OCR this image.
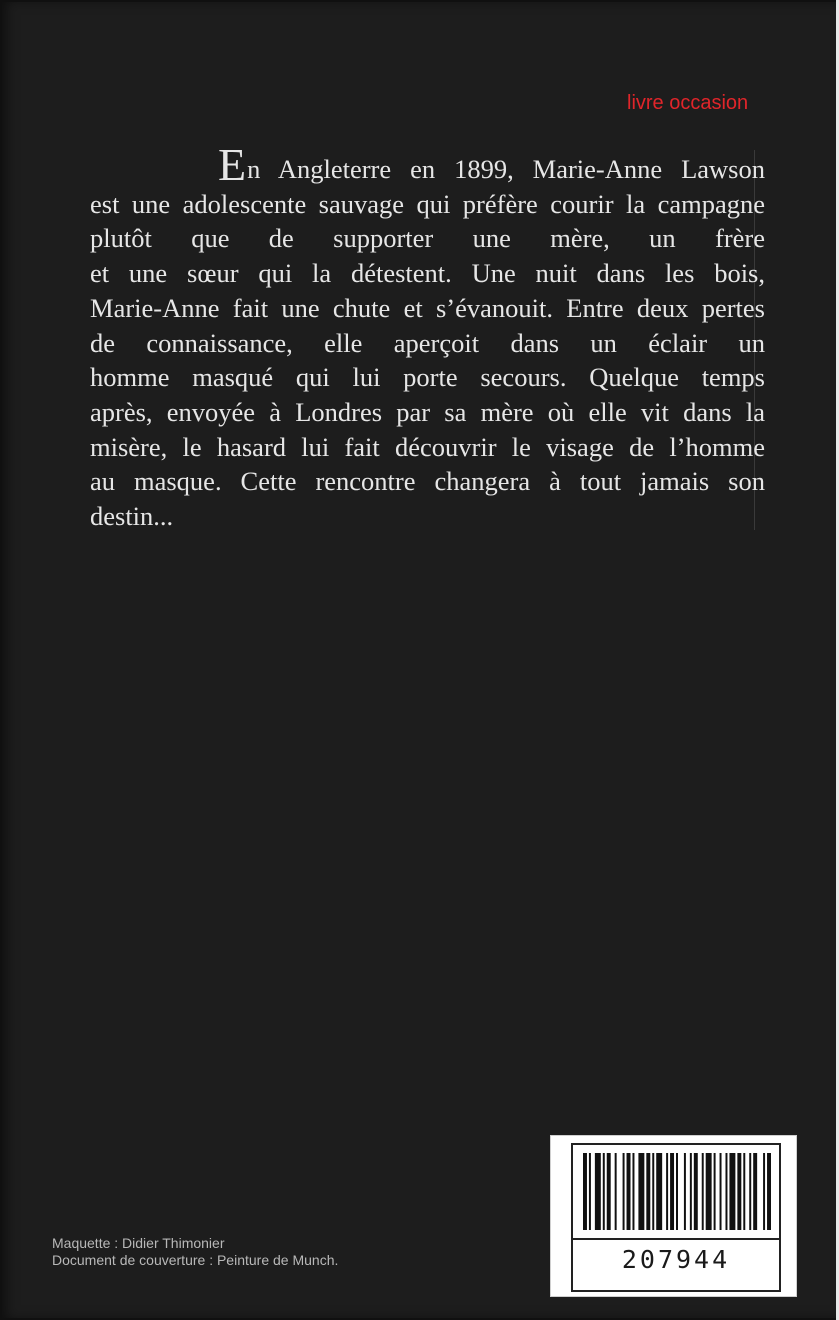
livre occasion

En Angleterre en 1899, Marie-Anne Lawson
est une adolescente sauvage qui préfère courir la campagne
plutôt que de supporter une mère, un frère
et une sœur qui la détestent. Une nuit dans les bois,
Marie-Anne fait une chute et s’évanouit. Entre deux pertes
de connaissance, elle aperçoit dans un éclair un
homme masqué qui lui porte secours. Quelque temps
après, envoyée à Londres par sa mère où elle vit dans la
misère, le hasard lui fait découvrir le visage de l’homme
au masque. Cette rencontre changera à tout jamais son
destin...

Maquette : Didier Thimonier
Document de couverture : Peinture de Munch.	207944
